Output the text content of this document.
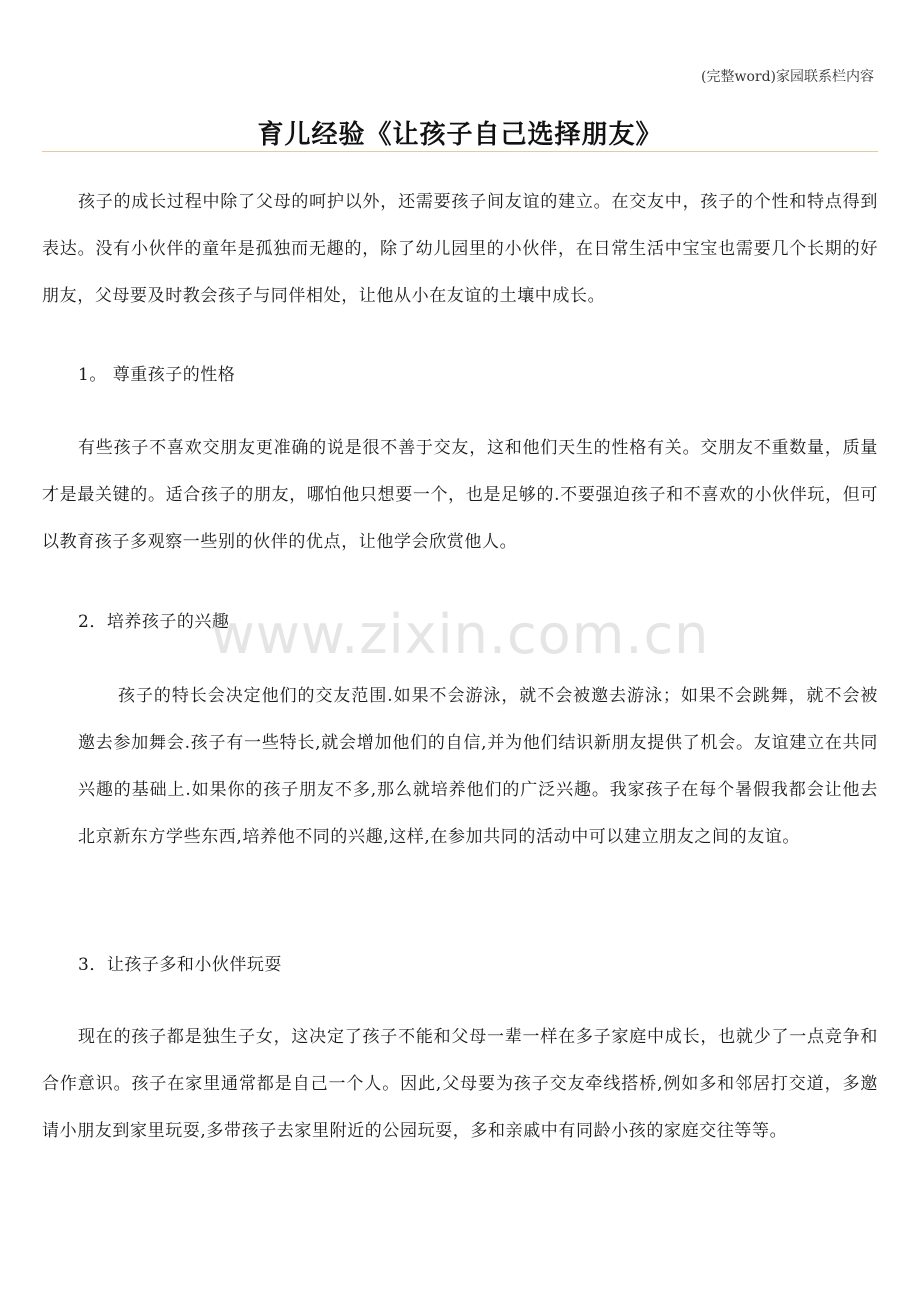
(完整word)家园联系栏内容
育儿经验《让孩子自己选择朋友》

孩子的成长过程中除了父母的呵护以外，还需要孩子间友谊的建立。在交友中，孩子的个性和特点得到表达。没有小伙伴的童年是孤独而无趣的，除了幼儿园里的小伙伴，在日常生活中宝宝也需要几个长期的好朋友，父母要及时教会孩子与同伴相处，让他从小在友谊的土壤中成长。

1。 尊重孩子的性格

有些孩子不喜欢交朋友更准确的说是很不善于交友，这和他们天生的性格有关。交朋友不重数量，质量才是最关键的。适合孩子的朋友，哪怕他只想要一个，也是足够的.不要强迫孩子和不喜欢的小伙伴玩，但可以教育孩子多观察一些别的伙伴的优点，让他学会欣赏他人。

2．培养孩子的兴趣

孩子的特长会决定他们的交友范围.如果不会游泳，就不会被邀去游泳；如果不会跳舞，就不会被邀去参加舞会.孩子有一些特长,就会增加他们的自信,并为他们结识新朋友提供了机会。友谊建立在共同兴趣的基础上.如果你的孩子朋友不多,那么就培养他们的广泛兴趣。我家孩子在每个暑假我都会让他去北京新东方学些东西,培养他不同的兴趣,这样,在参加共同的活动中可以建立朋友之间的友谊。

3．让孩子多和小伙伴玩耍

现在的孩子都是独生子女，这决定了孩子不能和父母一辈一样在多子家庭中成长，也就少了一点竞争和合作意识。孩子在家里通常都是自己一个人。因此,父母要为孩子交友牵线搭桥,例如多和邻居打交道，多邀请小朋友到家里玩耍,多带孩子去家里附近的公园玩耍，多和亲戚中有同龄小孩的家庭交往等等。

www.zixin.com.cn
